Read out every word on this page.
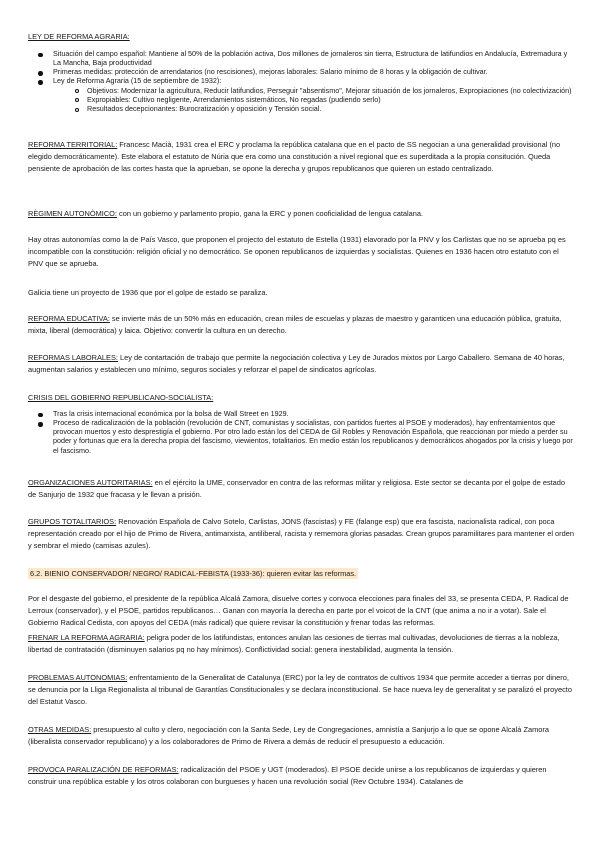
LEY DE REFORMA AGRARIA:
Situación del campo español: Mantiene al 50% de la población activa, Dos millones de jornaleros sin tierra, Estructura de latifundios en Andalucía, Extremadura y La Mancha, Baja productividad
Primeras medidas: protección de arrendatarios (no rescisiones), mejoras laborales: Salario mínimo de 8 horas y la obligación de cultivar.
Ley de Reforma Agraria (15 de septiembre de 1932):
Objetivos: Modernizar la agricultura, Reducir latifundios, Perseguir "absentismo", Mejorar situación de los jornaleros, Expropiaciones (no colectivización)
Expropiables: Cultivo negligente, Arrendamientos sistemáticos, No regadas (pudiendo serlo)
Resultados decepcionantes: Burocratización y oposición y Tensión social.
REFORMA TERRITORIAL: Francesc Macià, 1931 crea el ERC y proclama la república catalana que en el pacto de SS negocian a una generalidad provisional (no elegido democráticamente). Este elabora el estatuto de Núria que era como una constitución a nivel regional que es superditada a la propia consitución. Queda pensiente de aprobación de las cortes hasta que la aprueban, se opone la derecha y grupos republicanos que quieren un estado centralizado.
RÈGIMEN AUTONÒMICO: con un gobierno y parlamento propio, gana la ERC y ponen cooficialidad de lengua catalana.
Hay otras autonomías como la de País Vasco, que proponen el projecto del estatuto de Estella (1931) elavorado por la PNV y los Carlistas que no se aprueba pq es incompatible con la constitución: religión oficial y no democrático. Se oponen republicanos de izquierdas y socialistas. Quienes en 1936 hacen otro estatuto con el PNV que se aprueba.
Galicia tiene un proyecto de 1936 que por el golpe de estado se paraliza.
REFORMA EDUCATIVA: se invierte más de un 50% más en educación, crean miles de escuelas y plazas de maestro y garanticen una educación pública, gratuita, mixta, liberal (democrática) y laica. Objetivo: convertir la cultura en un derecho.
REFORMAS LABORALES: Ley de contartación de trabajo que permite la negociación colectiva y Ley de Jurados mixtos por Largo Caballero. Semana de 40 horas, augmentan salarios y establecen uno mínimo, seguros sociales y reforzar el papel de sindicatos agrícolas.
CRISIS DEL GOBIERNO REPUBLICANO-SOCIALISTA:
Tras la crisis internacional económica por la bolsa de Wall Street en 1929.
Proceso de radicalización de la población (revolución de CNT, comunistas y socialistas, con partidos fuertes al PSOE y moderados), hay enfrentamientos que provocan muertos y esto desprestigía el gobierno. Por otro lado están los del CEDA de Gil Robles y Renovación Española, que reaccionan por miedo a perder su poder y fortunas que era la derecha propia del fascismo, viewientos, totalitarios. En medio están los republicanos y democráticos ahogados por la crisis y luego por el fascismo.
ORGANIZACIONES AUTORITARIAS: en el ejército la UME, conservador en contra de las reformas militar y religiosa. Este sector se decanta por el golpe de estado de Sanjurjo de 1932 que fracasa y le llevan a prisión.
GRUPOS TOTALITARIOS: Renovación Española de Calvo Sotelo, Carlistas, JONS (fascistas) y FE (falange esp) que era fascista, nacionalista radical, con poca representación creado por el hijo de Primo de Rivera, antimarxista, antiliberal, racista y rememora glorias pasadas. Crean grupos paramilitares para mantener el orden y sembrar el miedo (camisas azules).
6.2. BIENIO CONSERVADOR/ NEGRO/ RADICAL-FEBISTA (1933-36): quieren evitar las reformas.
Por el desgaste del gobierno, el presidente de la república Alcalá Zamora, disuelve cortes y convoca elecciones para finales del 33, se presenta CEDA, P. Radical de Lerroux (conservador), y el PSOE, partidos republicanos… Ganan con mayoría la derecha en parte por el voicot de la CNT (que anima a no ir a votar). Sale el Gobierno Radical Cedista, con apoyos del CEDA (más radical) que quiere revisar la constitución y frenar todas las reformas.
FRENAR LA REFORMA AGRARIA: peligra poder de los latifundistas, entonces anulan las cesiones de tierras mal cultivadas, devoluciones de tierras a la nobleza, libertad de contratación (disminuyen salarios pq no hay mínimos). Conflictividad social: genera inestabilidad, augmenta la tensión.
PROBLEMAS AUTONOMIAS: enfrentamiento de la Generalitat de Catalunya (ERC) por la ley de contratos de cultivos 1934 que permite acceder a tierras por dinero, se denuncia por la Lliga Regionalista al tribunal de Garantías Constitucionales y se declara inconstitucional. Se hace nueva ley de generalitat y se paralizó el proyecto del Estatut Vasco.
OTRAS MEDIDAS: presupuesto al culto y clero, negociación con la Santa Sede, Ley de Congregaciones, amnistía a Sanjurjo a lo que se opone Alcalá Zamora (liberalista conservador republicano) y a los colaboradores de Primo de Rivera a demás de reducir el presupuesto a educación.
PROVOCA PARALIZACIÓN DE REFORMAS: radicalización del PSOE y UGT (moderados). El PSOE decide unirse a los republicanos de izquierdas y quieren construir una república estable y los otros colaboran con burgueses y hacen una revolución social (Rev Octubre 1934). Catalanes de
